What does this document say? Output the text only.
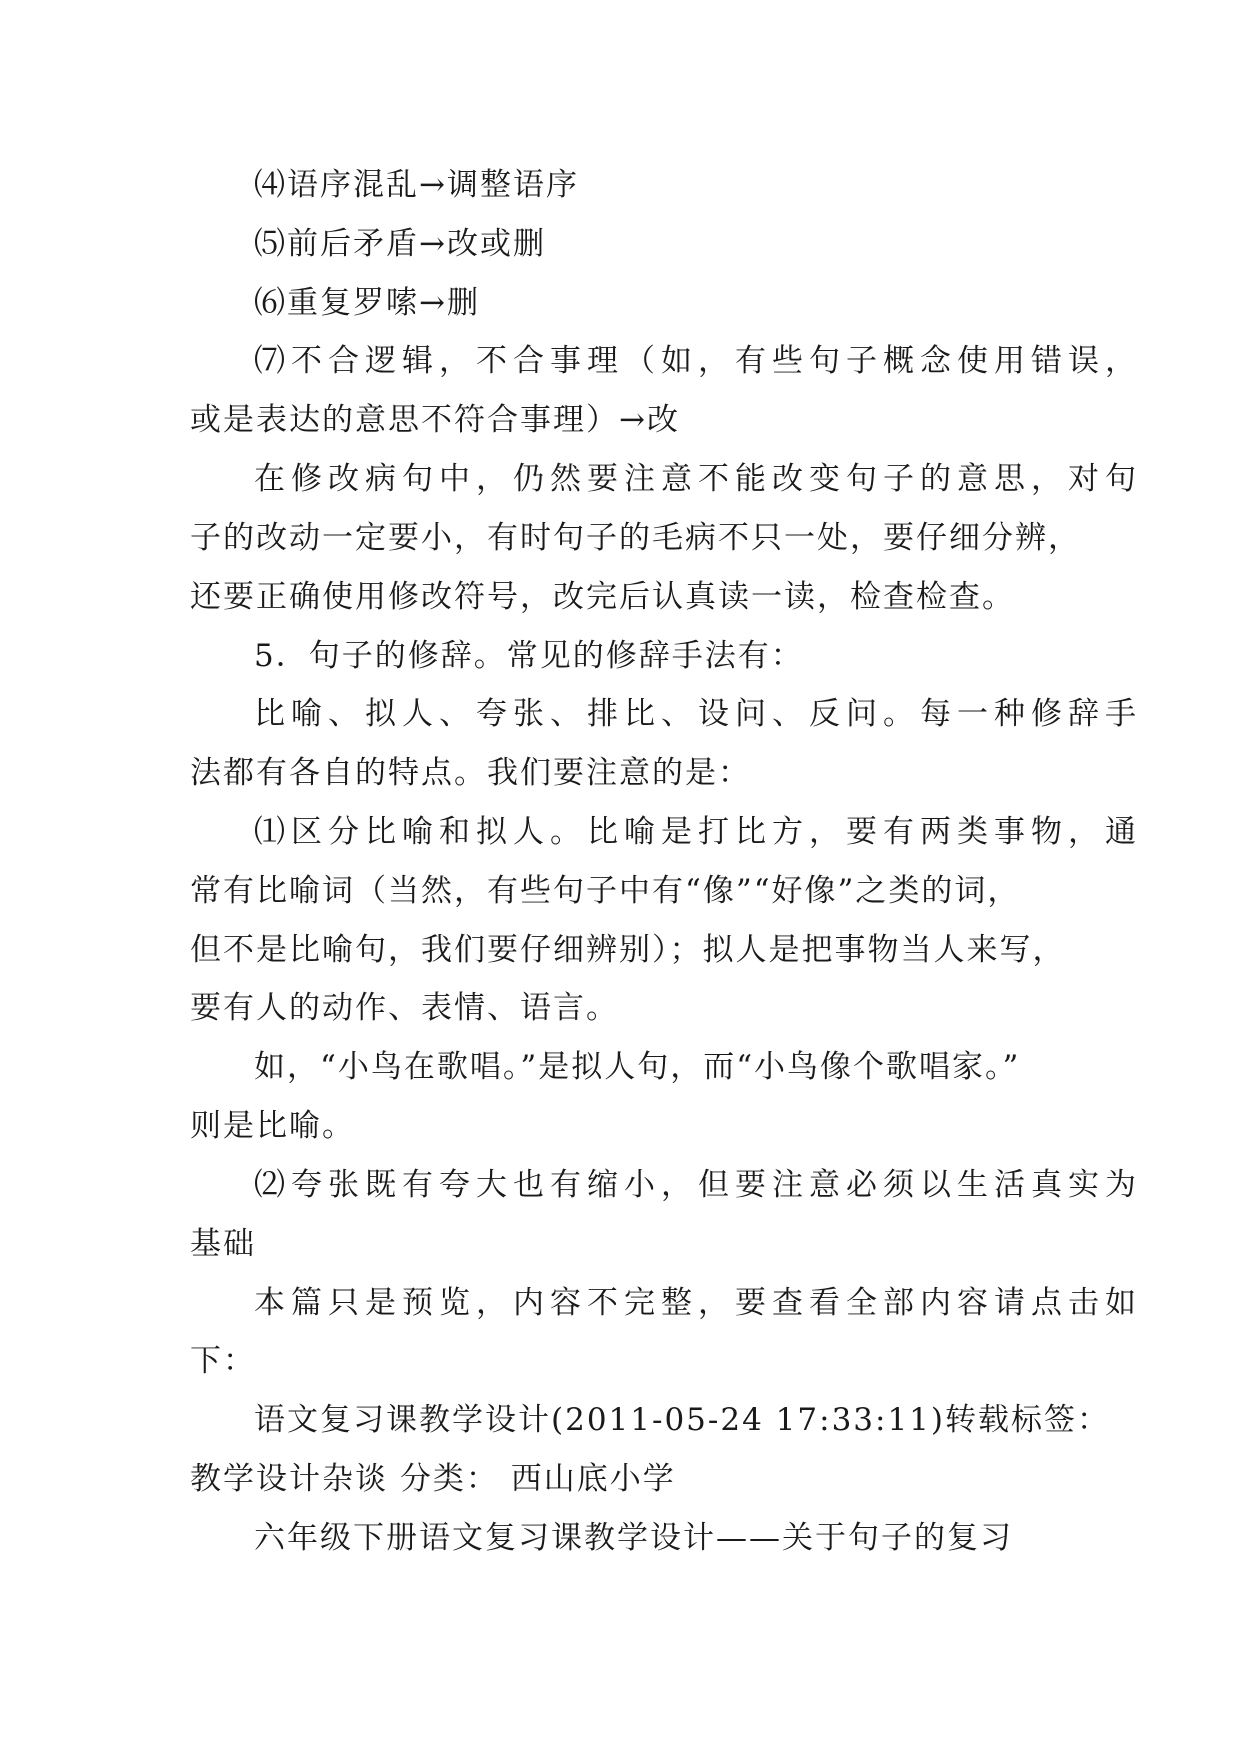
⑷语序混乱→调整语序
⑸前后矛盾→改或删
⑹重复罗嗦→删
⑺不合逻辑，不合事理（如，有些句子概念使用错误，
或是表达的意思不符合事理）→改
在修改病句中，仍然要注意不能改变句子的意思，对句
子的改动一定要小，有时句子的毛病不只一处，要仔细分辨，
还要正确使用修改符号，改完后认真读一读，检查检查。
5．句子的修辞。常见的修辞手法有：
比喻、拟人、夸张、排比、设问、反问。每一种修辞手
法都有各自的特点。我们要注意的是：
⑴区分比喻和拟人。比喻是打比方，要有两类事物，通
常有比喻词（当然，有些句子中有“像”“好像”之类的词，
但不是比喻句，我们要仔细辨别）；拟人是把事物当人来写，
要有人的动作、表情、语言。
如，“小鸟在歌唱。”是拟人句，而“小鸟像个歌唱家。”
则是比喻。
⑵夸张既有夸大也有缩小，但要注意必须以生活真实为
基础
本篇只是预览，内容不完整，要查看全部内容请点击如
下：
语文复习课教学设计(2011-05-24 17:33:11)转载标签：
教学设计杂谈 分类： 西山底小学
六年级下册语文复习课教学设计——关于句子的复习
